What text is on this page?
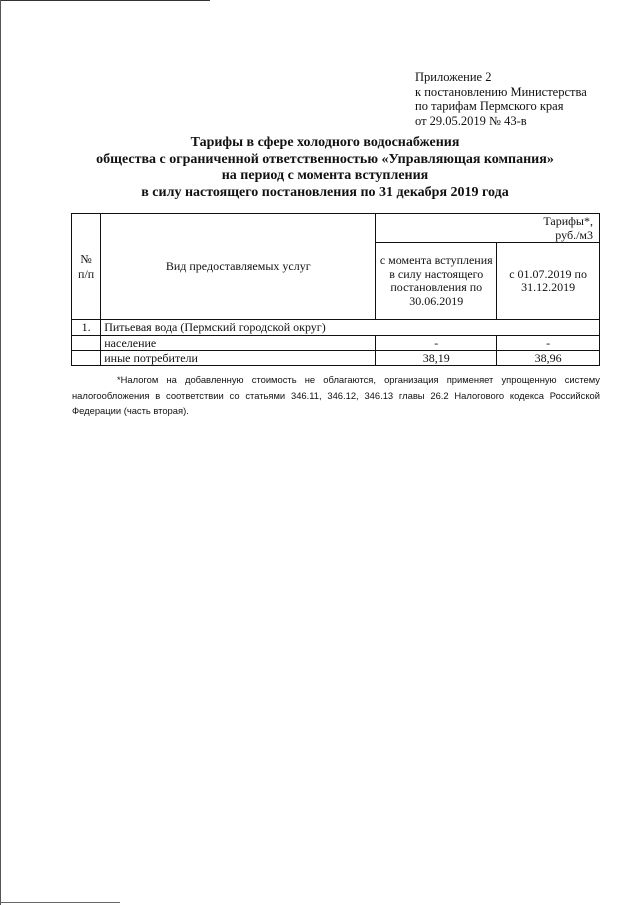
Приложение 2
к постановлению Министерства
по тарифам Пермского края
от 29.05.2019 № 43-в
Тарифы в сфере холодного водоснабжения
общества с ограниченной ответственностью «Управляющая компания»
на период с момента вступления
в силу настоящего постановления по 31 декабря 2019 года
№ п/п	Вид предоставляемых услуг	Тарифы*,
руб./м3	

		с момента вступления в силу настоящего постановления по 30.06.2019	с 01.07.2019 по 31.12.2019
1.	Питьевая вода (Пермский городской округ)		
	население	-	-
	иные потребители	38,19	38,96
*Налогом на добавленную стоимость не облагаются, организация применяет упрощенную систему налогообложения в соответствии со статьями 346.11, 346.12, 346.13 главы 26.2 Налогового кодекса Российской Федерации (часть вторая).
